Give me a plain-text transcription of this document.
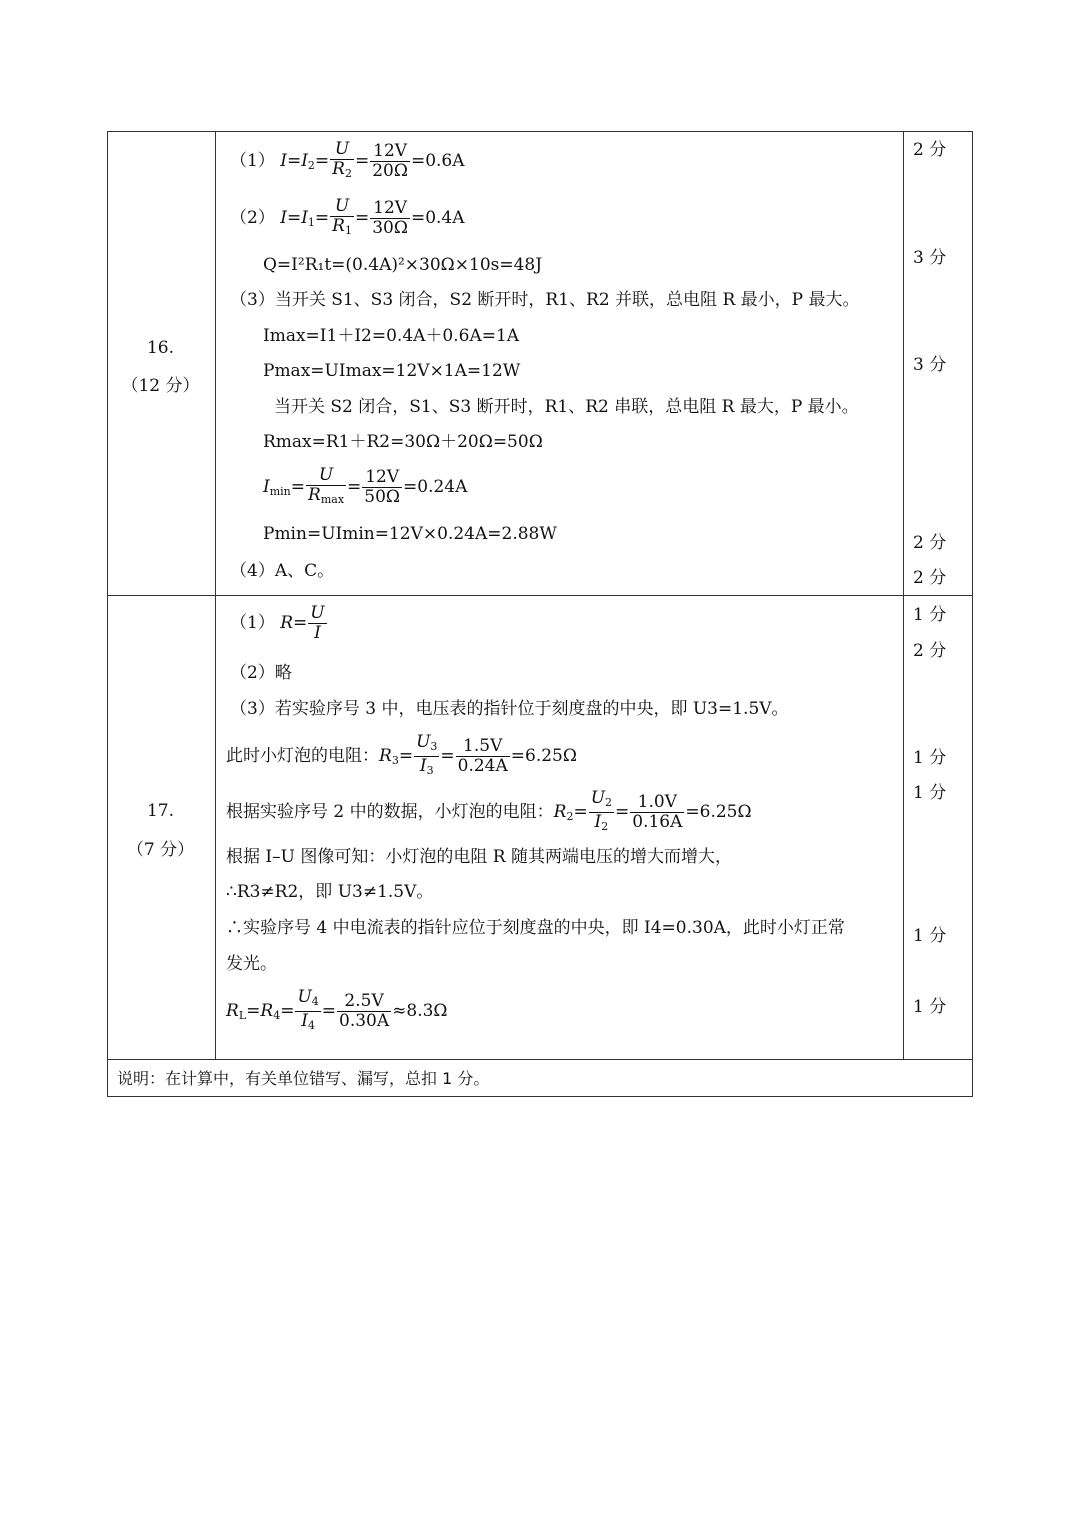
16.
（12 分）
（1） $I=I_2= \frac{U}{R_2} = \frac{12V}{20\Omega} =0.6A$
（2） $I=I_1= \frac{U}{R_1} = \frac{12V}{30\Omega} =0.4A$
Q=I²R₁t=(0.4A)²×30Ω×10s=48J
（3）当开关 S1、S3 闭合，S2 断开时，R1、R2 并联，总电阻 R 最小，P 最大。
Imax=I1＋I2=0.4A＋0.6A=1A
Pmax=UImax=12V×1A=12W
当开关 S2 闭合，S1、S3 断开时，R1、R2 串联，总电阻 R 最大，P 最小。
Rmax=R1＋R2=30Ω＋20Ω=50Ω
$I_{min}= \frac{U}{R_{max}} = \frac{12V}{50\Omega} =0.24A$
Pmin=UImin=12V×0.24A=2.88W
（4）A、C。
2 分
3 分
3 分
2 分
2 分
17.
（7 分）
（1） $R= \frac{U}{I}$
（2）略
（3）若实验序号 3 中，电压表的指针位于刻度盘的中央，即 U3=1.5V。
此时小灯泡的电阻：$R_3= \frac{U_3}{I_3} = \frac{1.5V}{0.24A} =6.25\Omega$
根据实验序号 2 中的数据，小灯泡的电阻：$R_2= \frac{U_2}{I_2} = \frac{1.0V}{0.16A} =6.25\Omega$
根据 I–U 图像可知：小灯泡的电阻 R 随其两端电压的增大而增大，
∴R3≠R2，即 U3≠1.5V。
∴实验序号 4 中电流表的指针应位于刻度盘的中央，即 I4=0.30A，此时小灯正常
发光。
$R_L=R_4= \frac{U_4}{I_4} = \frac{2.5V}{0.30A} \approx 8.3\Omega$
1 分
2 分
1 分
1 分
1 分
1 分
说明：在计算中，有关单位错写、漏写，总扣 1 分。
